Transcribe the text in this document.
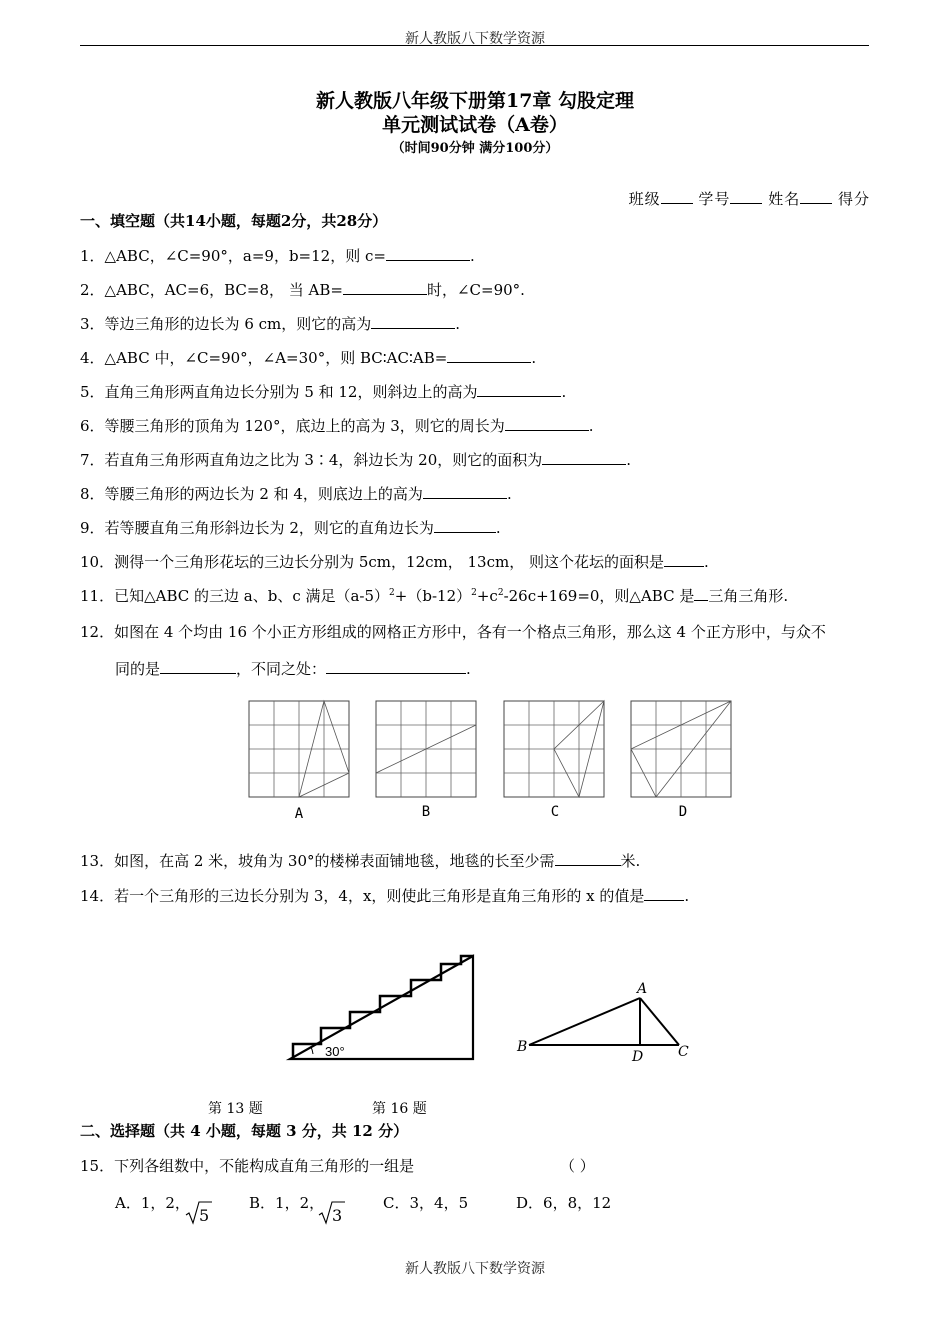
新人教版八下数学资源
新人教版八年级下册第17章 勾股定理
单元测试试卷（A卷）
（时间90分钟 满分100分）
班级	学号	姓名	得分
一、填空题（共14小题，每题2分，共28分）
1．△ABC，∠C=90°，a=9，b=12，则 c=	.
2．△ABC，AC=6，BC=8， 当 AB=	时，∠C=90°.
3．等边三角形的边长为 6 cm，则它的高为	.
4．△ABC 中，∠C=90°，∠A=30°，则 BC∶AC∶AB=	.
5．直角三角形两直角边长分别为 5 和 12，则斜边上的高为	.
6．等腰三角形的顶角为 120°，底边上的高为 3，则它的周长为	.
7．若直角三角形两直角边之比为 3∶4，斜边长为 20，则它的面积为	.
8．等腰三角形的两边长为 2 和 4，则底边上的高为	.
9．若等腰直角三角形斜边长为 2，则它的直角边长为	.
10．测得一个三角形花坛的三边长分别为 5cm，12cm， 13cm， 则这个花坛的面积是	.
11．已知△ABC 的三边 a、b、c 满足$(a-5)^2+(b-12)^2+c^2-26c+169=0$，则△ABC 是 三角三角形.
12．如图在 4 个均由 16 个小正方形组成的网格正方形中，各有一个格点三角形，那么这 4 个正方形中，与众不
同的是	，不同之处：	.
A	B	C	D
13．如图，在高 2 米，坡角为 30°的楼梯表面铺地毯，地毯的长至少需	米.
14．若一个三角形的三边长分别为 3，4，x，则使此三角形是直角三角形的 x 的值是	.
30°
A
B
D C
第 13 题	第 16 题
二、选择题（共 4 小题，每题 3 分，共 12 分）
15．下列各组数中，不能构成直角三角形的一组是	（ ）
A．1，2，
5
B．1，2，
3
C．3，4，5	D．6，8，12
新人教版八下数学资源
